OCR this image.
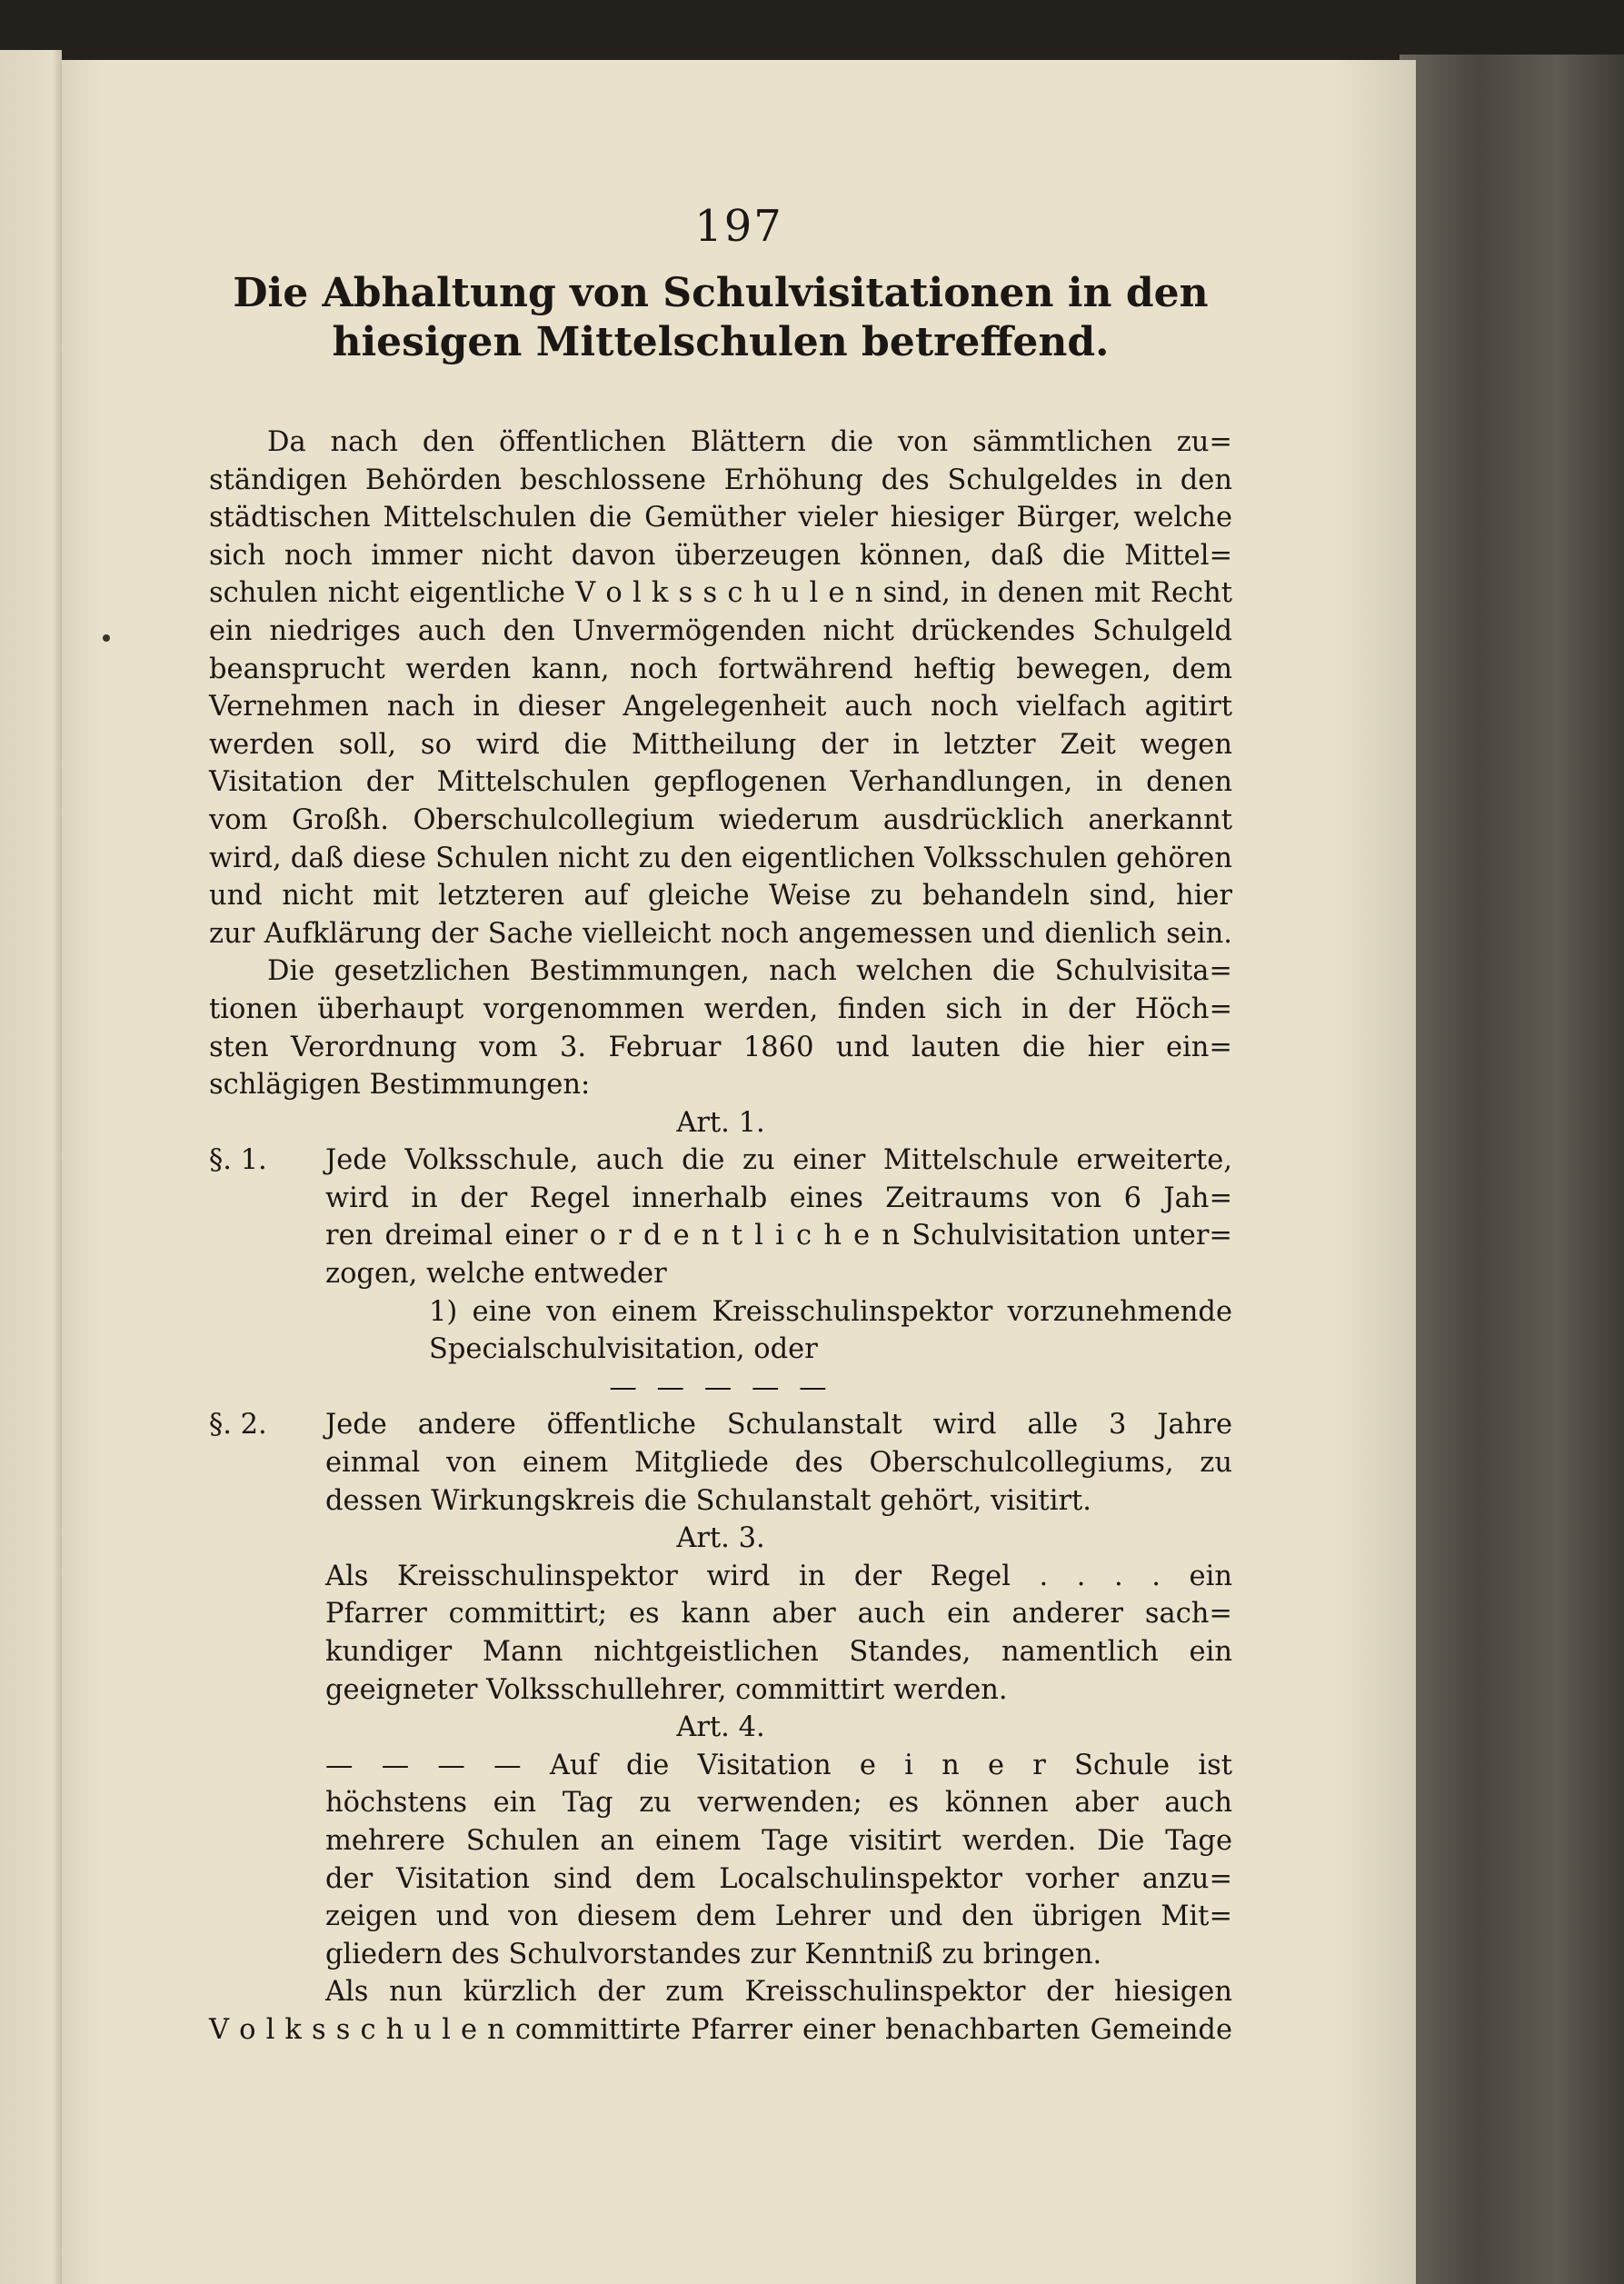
197
Die Abhaltung von Schulvisitationen in den
hiesigen Mittelschulen betreffend.
Da nach den öffentlichen Blättern die von sämmtlichen zu=
ständigen Behörden beschlossene Erhöhung des Schulgeldes in den
städtischen Mittelschulen die Gemüther vieler hiesiger Bürger, welche
sich noch immer nicht davon überzeugen können, daß die Mittel=
schulen nicht eigentliche V o l k s s c h u l e n sind, in denen mit Recht
ein niedriges auch den Unvermögenden nicht drückendes Schulgeld
beansprucht werden kann, noch fortwährend heftig bewegen, dem
Vernehmen nach in dieser Angelegenheit auch noch vielfach agitirt
werden soll, so wird die Mittheilung der in letzter Zeit wegen
Visitation der Mittelschulen gepflogenen Verhandlungen, in denen
vom Großh. Oberschulcollegium wiederum ausdrücklich anerkannt
wird, daß diese Schulen nicht zu den eigentlichen Volksschulen gehören
und nicht mit letzteren auf gleiche Weise zu behandeln sind, hier
zur Aufklärung der Sache vielleicht noch angemessen und dienlich sein.
Die gesetzlichen Bestimmungen, nach welchen die Schulvisita=
tionen überhaupt vorgenommen werden, finden sich in der Höch=
sten Verordnung vom 3. Februar 1860 und lauten die hier ein=
schlägigen Bestimmungen:
Art. 1.
§. 1. Jede Volksschule, auch die zu einer Mittelschule erweiterte,
wird in der Regel innerhalb eines Zeitraums von 6 Jah=
ren dreimal einer o r d e n t l i c h e n Schulvisitation unter=
zogen, welche entweder
1) eine von einem Kreisschulinspektor vorzunehmende
Specialschulvisitation, oder
— — — — —
§. 2. Jede andere öffentliche Schulanstalt wird alle 3 Jahre
einmal von einem Mitgliede des Oberschulcollegiums, zu
dessen Wirkungskreis die Schulanstalt gehört, visitirt.
Art. 3.
Als Kreisschulinspektor wird in der Regel . . . . ein
Pfarrer committirt; es kann aber auch ein anderer sach=
kundiger Mann nichtgeistlichen Standes, namentlich ein
geeigneter Volksschullehrer, committirt werden.
Art. 4.
— — — — Auf die Visitation e i n e r Schule ist
höchstens ein Tag zu verwenden; es können aber auch
mehrere Schulen an einem Tage visitirt werden. Die Tage
der Visitation sind dem Localschulinspektor vorher anzu=
zeigen und von diesem dem Lehrer und den übrigen Mit=
gliedern des Schulvorstandes zur Kenntniß zu bringen.
Als nun kürzlich der zum Kreisschulinspektor der hiesigen
V o l k s s c h u l e n committirte Pfarrer einer benachbarten Gemeinde
